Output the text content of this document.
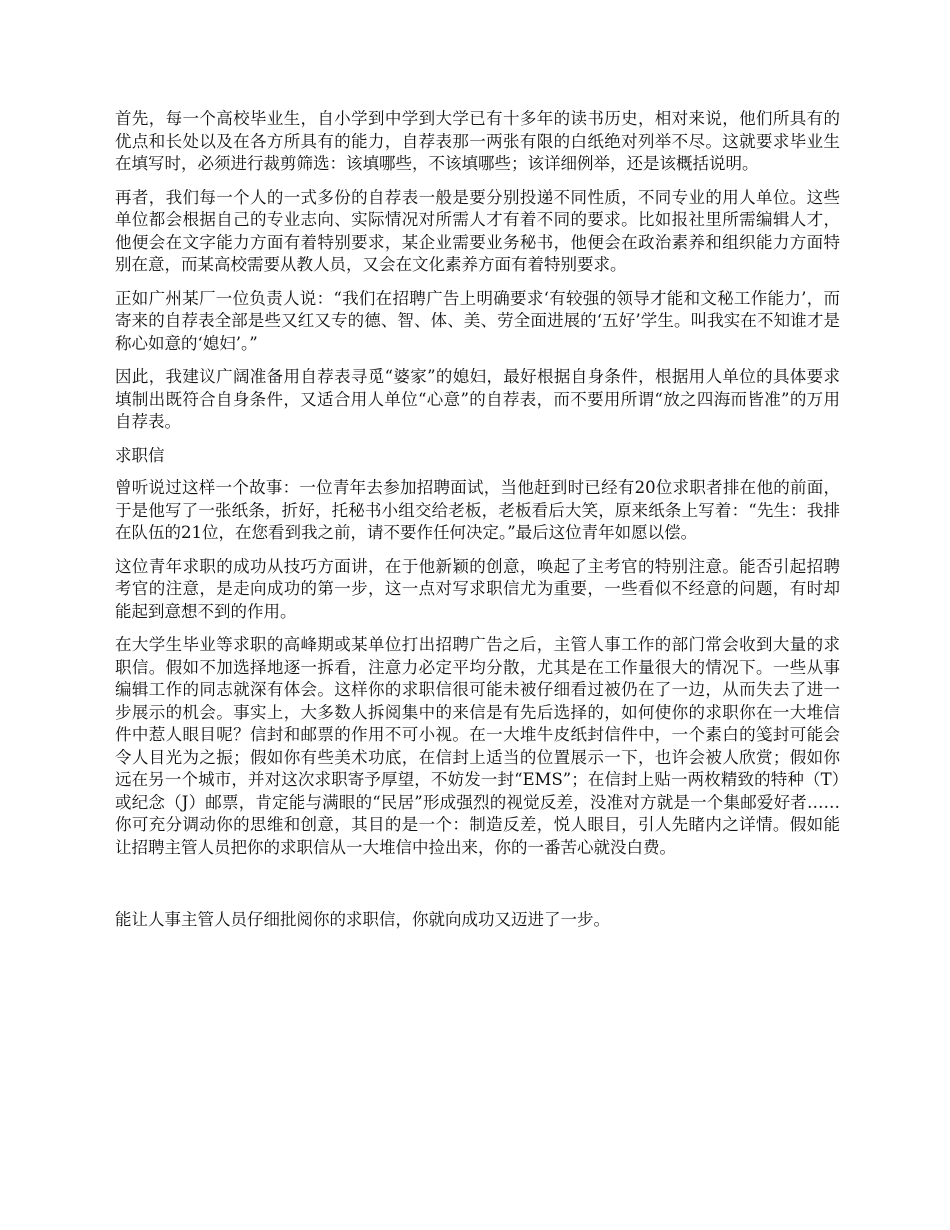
首先，每一个高校毕业生，自小学到中学到大学已有十多年的读书历史，相对来说，他们所具有的优点和长处以及在各方所具有的能力，自荐表那一两张有限的白纸绝对列举不尽。这就要求毕业生在填写时，必须进行裁剪筛选：该填哪些，不该填哪些；该详细例举，还是该概括说明。

再者，我们每一个人的一式多份的自荐表一般是要分别投递不同性质，不同专业的用人单位。这些单位都会根据自己的专业志向、实际情况对所需人才有着不同的要求。比如报社里所需编辑人才，他便会在文字能力方面有着特别要求，某企业需要业务秘书，他便会在政治素养和组织能力方面特别在意，而某高校需要从教人员，又会在文化素养方面有着特别要求。

正如广州某厂一位负责人说：“我们在招聘广告上明确要求‘有较强的领导才能和文秘工作能力’，而寄来的自荐表全部是些又红又专的德、智、体、美、劳全面进展的‘五好’学生。叫我实在不知谁才是称心如意的‘媳妇’。”

因此，我建议广阔准备用自荐表寻觅“婆家”的媳妇，最好根据自身条件，根据用人单位的具体要求填制出既符合自身条件，又适合用人单位“心意”的自荐表，而不要用所谓“放之四海而皆准”的万用自荐表。

求职信

曾听说过这样一个故事：一位青年去参加招聘面试，当他赶到时已经有20位求职者排在他的前面，于是他写了一张纸条，折好，托秘书小组交给老板，老板看后大笑，原来纸条上写着：“先生：我排在队伍的21位，在您看到我之前，请不要作任何决定。”最后这位青年如愿以偿。

这位青年求职的成功从技巧方面讲，在于他新颖的创意，唤起了主考官的特别注意。能否引起招聘考官的注意，是走向成功的第一步，这一点对写求职信尤为重要，一些看似不经意的问题，有时却能起到意想不到的作用。

在大学生毕业等求职的高峰期或某单位打出招聘广告之后，主管人事工作的部门常会收到大量的求职信。假如不加选择地逐一拆看，注意力必定平均分散，尤其是在工作量很大的情况下。一些从事编辑工作的同志就深有体会。这样你的求职信很可能未被仔细看过被仍在了一边，从而失去了进一步展示的机会。事实上，大多数人拆阅集中的来信是有先后选择的，如何使你的求职你在一大堆信件中惹人眼目呢？信封和邮票的作用不可小视。在一大堆牛皮纸封信件中，一个素白的笺封可能会令人目光为之振；假如你有些美术功底，在信封上适当的位置展示一下，也许会被人欣赏；假如你远在另一个城市，并对这次求职寄予厚望，不妨发一封“EMS”；在信封上贴一两枚精致的特种（T）或纪念（J）邮票，肯定能与满眼的“民居”形成强烈的视觉反差，没准对方就是一个集邮爱好者……你可充分调动你的思维和创意，其目的是一个：制造反差，悦人眼目，引人先睹内之详情。假如能让招聘主管人员把你的求职信从一大堆信中捡出来，你的一番苦心就没白费。

能让人事主管人员仔细批阅你的求职信，你就向成功又迈进了一步。
